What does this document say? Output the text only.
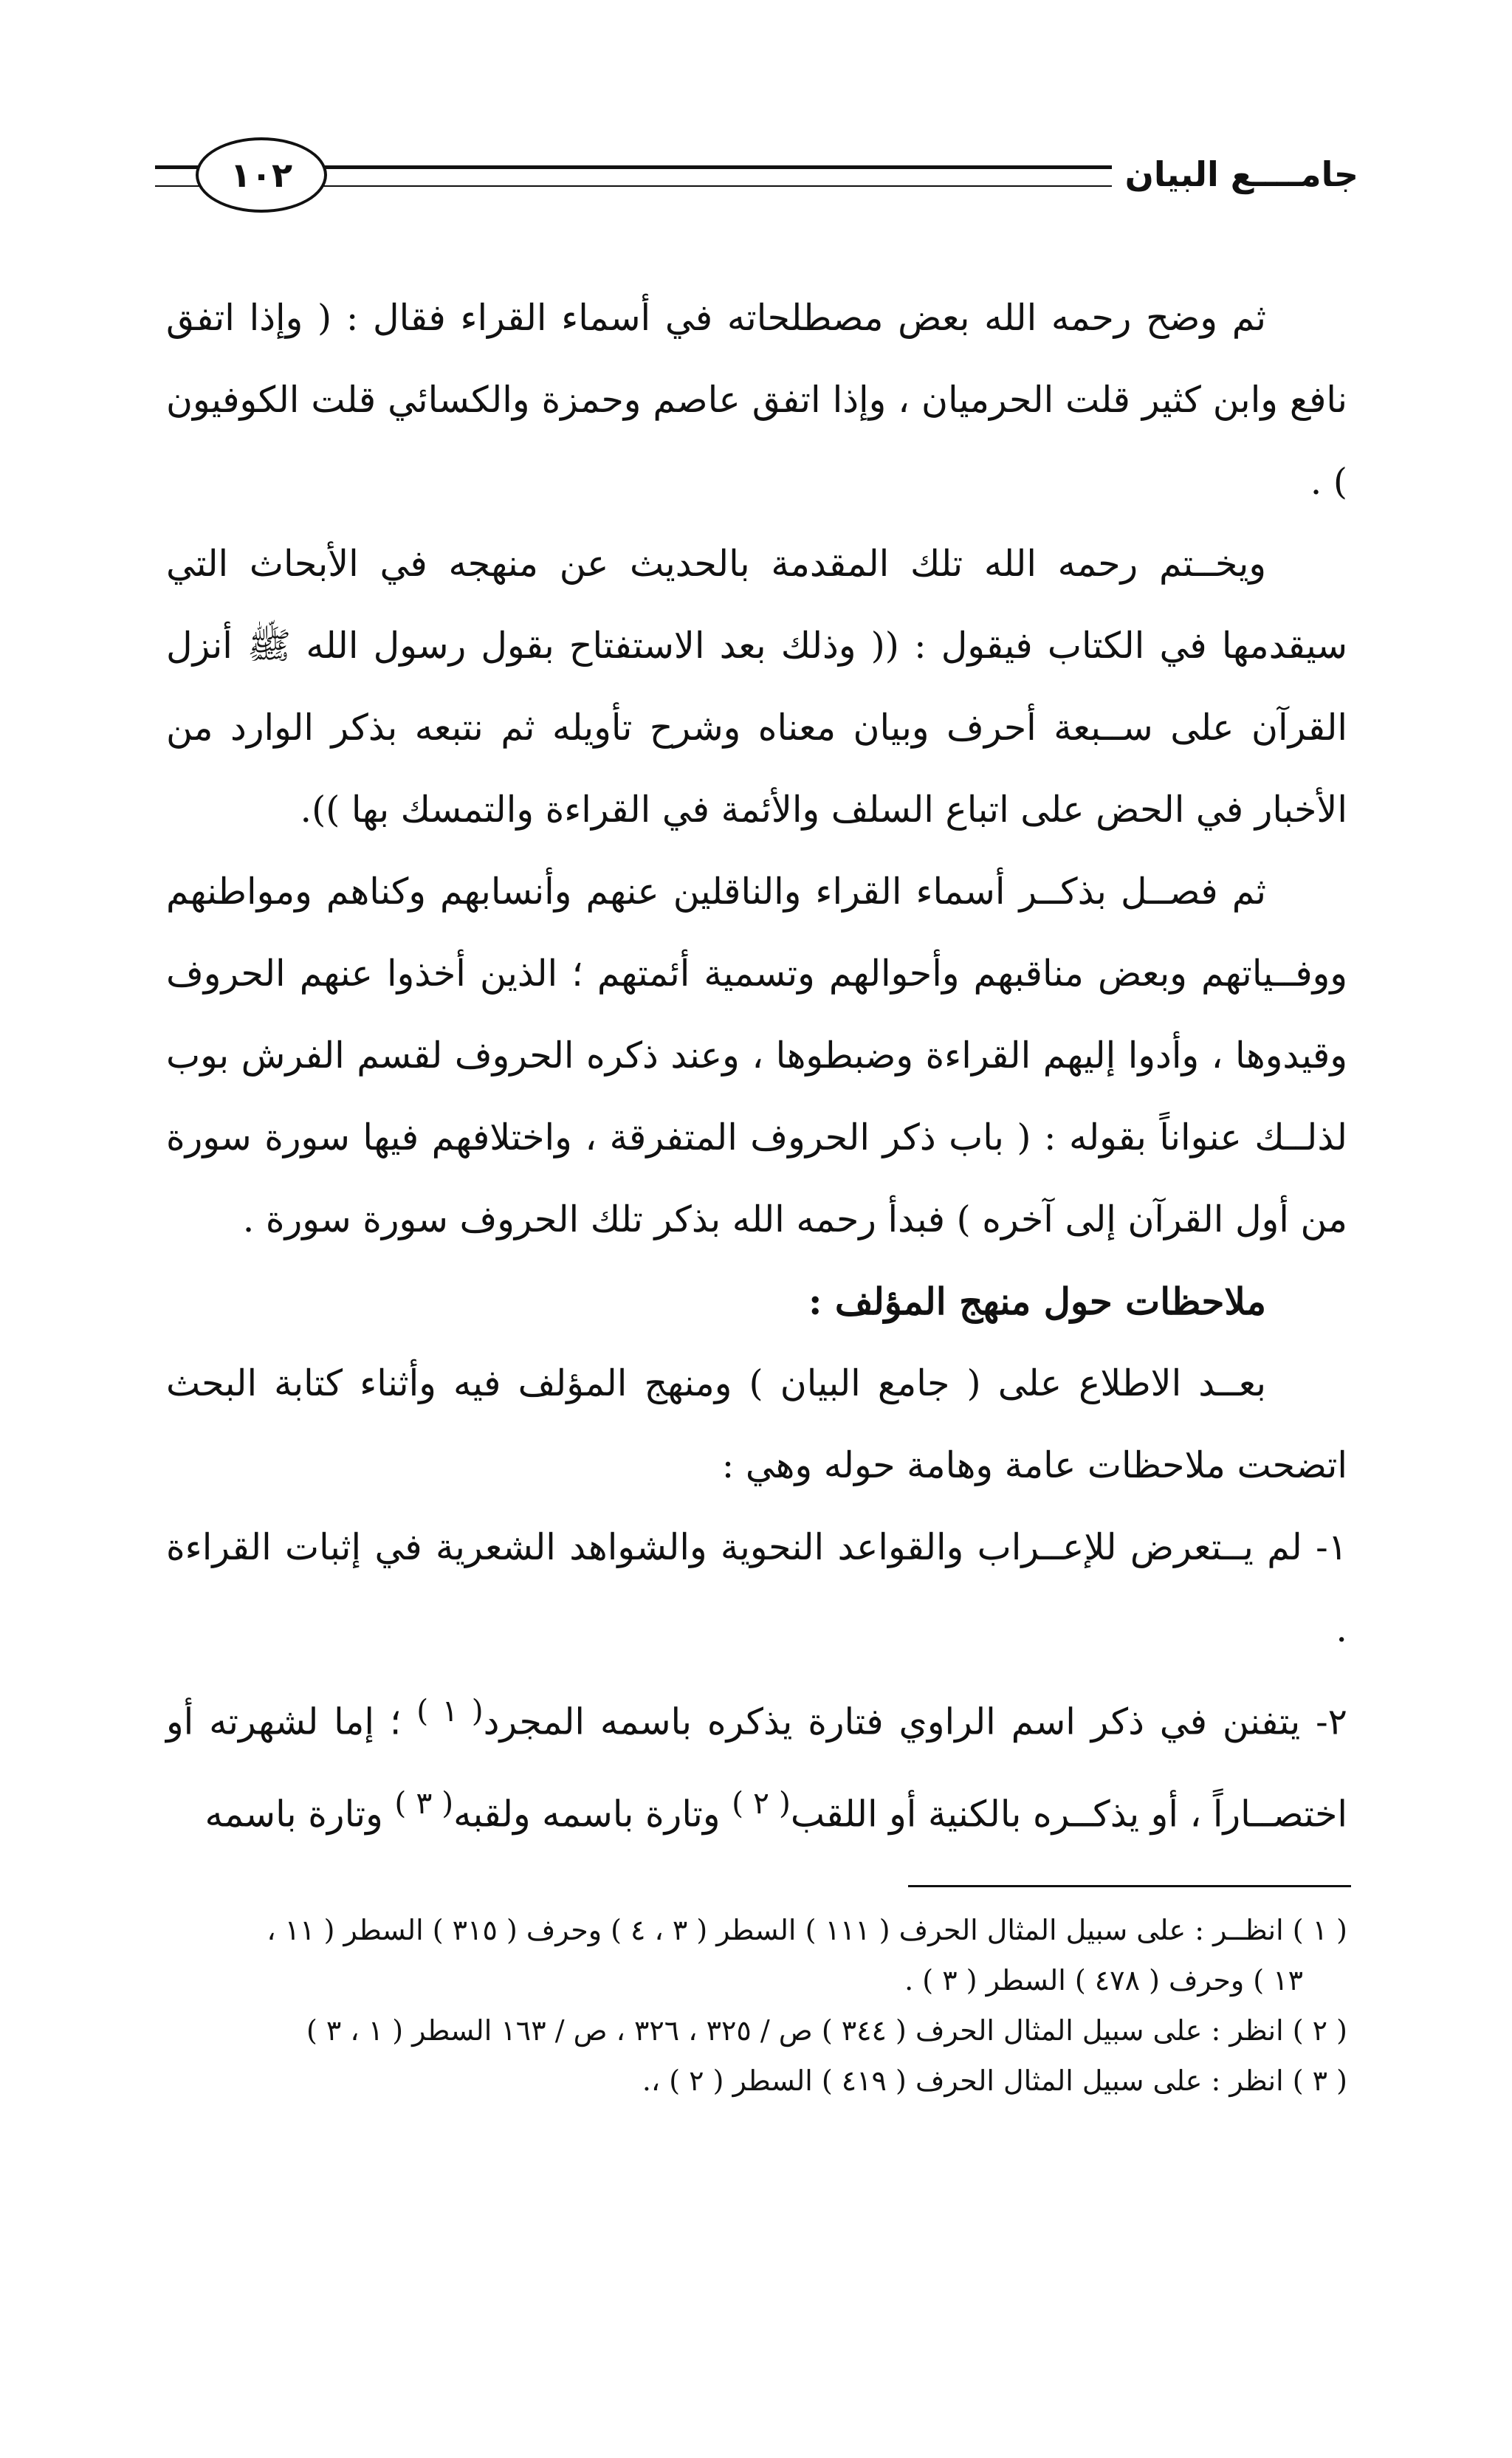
١٠٢	جامــــع البيان

ثم وضح رحمه الله بعض مصطلحاته في أسماء القراء فقال : ( وإذا اتفق نافع وابن كثير قلت الحرميان ، وإذا اتفق عاصم وحمزة والكسائي قلت الكوفيون ) .

ويخــتم رحمه الله تلك المقدمة بالحديث عن منهجه في الأبحاث التي سيقدمها في الكتاب فيقول : (( وذلك بعد الاستفتاح بقول رسول الله ﷺ أنزل القرآن على ســبعة أحرف وبيان معناه وشرح تأويله ثم نتبعه بذكر الوارد من الأخبار في الحض على اتباع السلف والأئمة في القراءة والتمسك بها )).

ثم فصــل بذكــر أسماء القراء والناقلين عنهم وأنسابهم وكناهم ومواطنهم ووفــياتهم وبعض مناقبهم وأحوالهم وتسمية أئمتهم ؛ الذين أخذوا عنهم الحروف وقيدوها ، وأدوا إليهم القراءة وضبطوها ، وعند ذكره الحروف لقسم الفرش بوب لذلــك عنواناً بقوله : ( باب ذكر الحروف المتفرقة ، واختلافهم فيها سورة سورة من أول القرآن إلى آخره ) فبدأ رحمه الله بذكر تلك الحروف سورة سورة .

ملاحظات حول منهج المؤلف :

بعــد الاطلاع على ( جامع البيان ) ومنهج المؤلف فيه وأثناء كتابة البحث اتضحت ملاحظات عامة وهامة حوله وهي :

١- لم يــتعرض للإعــراب والقواعد النحوية والشواهد الشعرية في إثبات القراءة .

٢- يتفنن في ذكر اسم الراوي فتارة يذكره باسمه المجرد$^{( ١ )}$ ؛ إما لشهرته أو اختصــاراً ، أو يذكــره بالكنية أو اللقب$^{( ٢ )}$ وتارة باسمه ولقبه$^{( ٣ )}$ وتارة باسمه

( ١ ) انظــر : على سبيل المثال الحرف ( ١١١ ) السطر ( ٣ ، ٤ ) وحرف ( ٣١٥ ) السطر ( ١١ ،

١٣ ) وحرف ( ٤٧٨ ) السطر ( ٣ ) .

( ٢ ) انظر : على سبيل المثال الحرف ( ٣٤٤ ) ص / ٣٢٥ ، ٣٢٦ ، ص / ١٦٣ السطر ( ١ ، ٣ )

( ٣ ) انظر : على سبيل المثال الحرف ( ٤١٩ ) السطر ( ٢ ) ،.
